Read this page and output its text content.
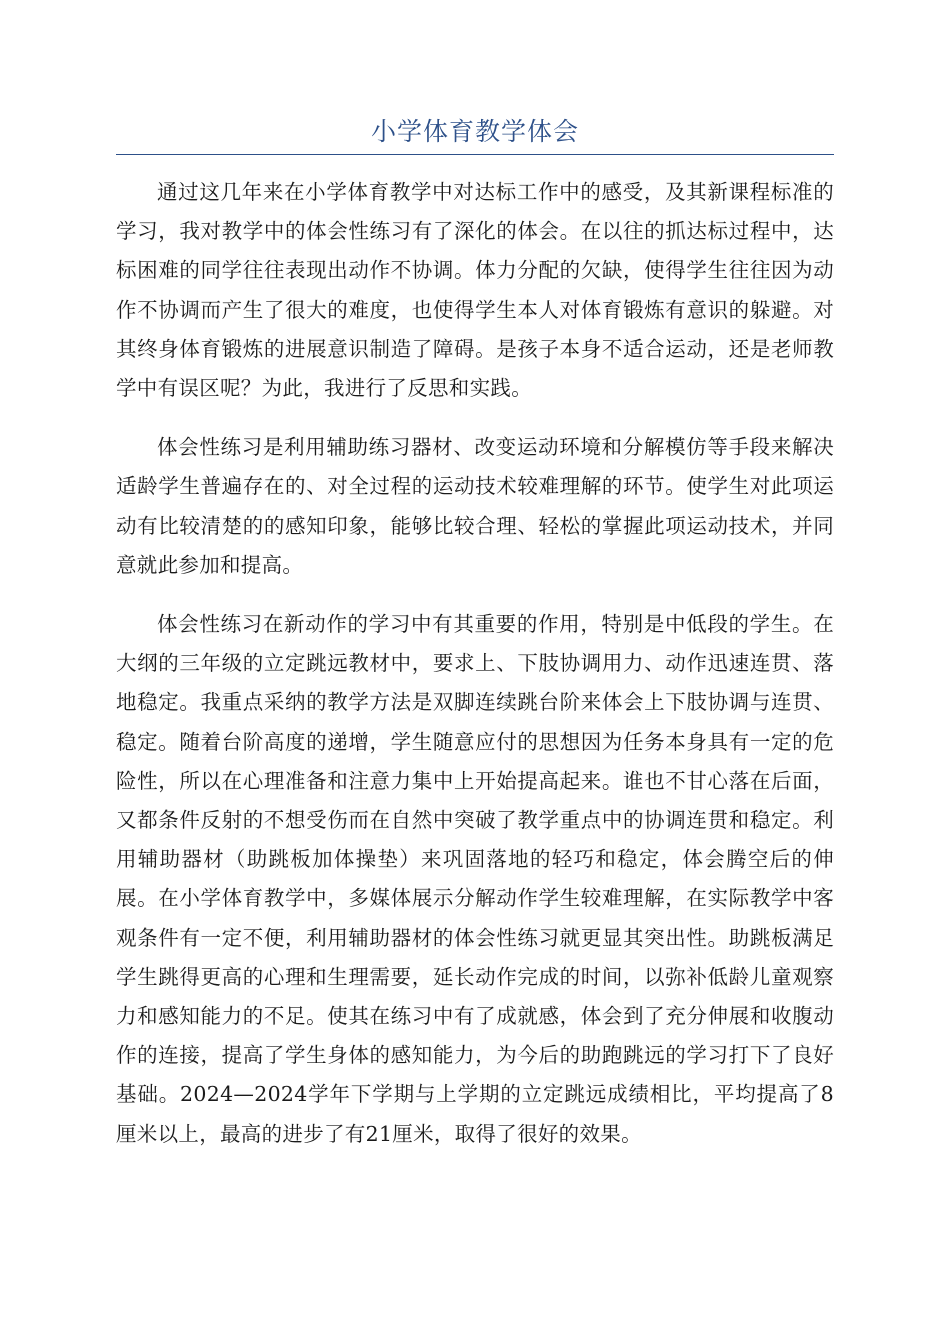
小学体育教学体会

通过这几年来在小学体育教学中对达标工作中的感受，及其新课程标准的学习，我对教学中的体会性练习有了深化的体会。在以往的抓达标过程中，达标困难的同学往往表现出动作不协调。体力分配的欠缺，使得学生往往因为动作不协调而产生了很大的难度，也使得学生本人对体育锻炼有意识的躲避。对其终身体育锻炼的进展意识制造了障碍。是孩子本身不适合运动，还是老师教学中有误区呢？为此，我进行了反思和实践。

体会性练习是利用辅助练习器材、改变运动环境和分解模仿等手段来解决适龄学生普遍存在的、对全过程的运动技术较难理解的环节。使学生对此项运动有比较清楚的的感知印象，能够比较合理、轻松的掌握此项运动技术，并同意就此参加和提高。

体会性练习在新动作的学习中有其重要的作用，特别是中低段的学生。在大纲的三年级的立定跳远教材中，要求上、下肢协调用力、动作迅速连贯、落地稳定。我重点采纳的教学方法是双脚连续跳台阶来体会上下肢协调与连贯、稳定。随着台阶高度的递增，学生随意应付的思想因为任务本身具有一定的危险性，所以在心理准备和注意力集中上开始提高起来。谁也不甘心落在后面，又都条件反射的不想受伤而在自然中突破了教学重点中的协调连贯和稳定。利用辅助器材（助跳板加体操垫）来巩固落地的轻巧和稳定，体会腾空后的伸展。在小学体育教学中，多媒体展示分解动作学生较难理解，在实际教学中客观条件有一定不便，利用辅助器材的体会性练习就更显其突出性。助跳板满足学生跳得更高的心理和生理需要，延长动作完成的时间，以弥补低龄儿童观察力和感知能力的不足。使其在练习中有了成就感，体会到了充分伸展和收腹动作的连接，提高了学生身体的感知能力，为今后的助跑跳远的学习打下了良好基础。2024—2024学年下学期与上学期的立定跳远成绩相比，平均提高了8厘米以上，最高的进步了有21厘米，取得了很好的效果。
